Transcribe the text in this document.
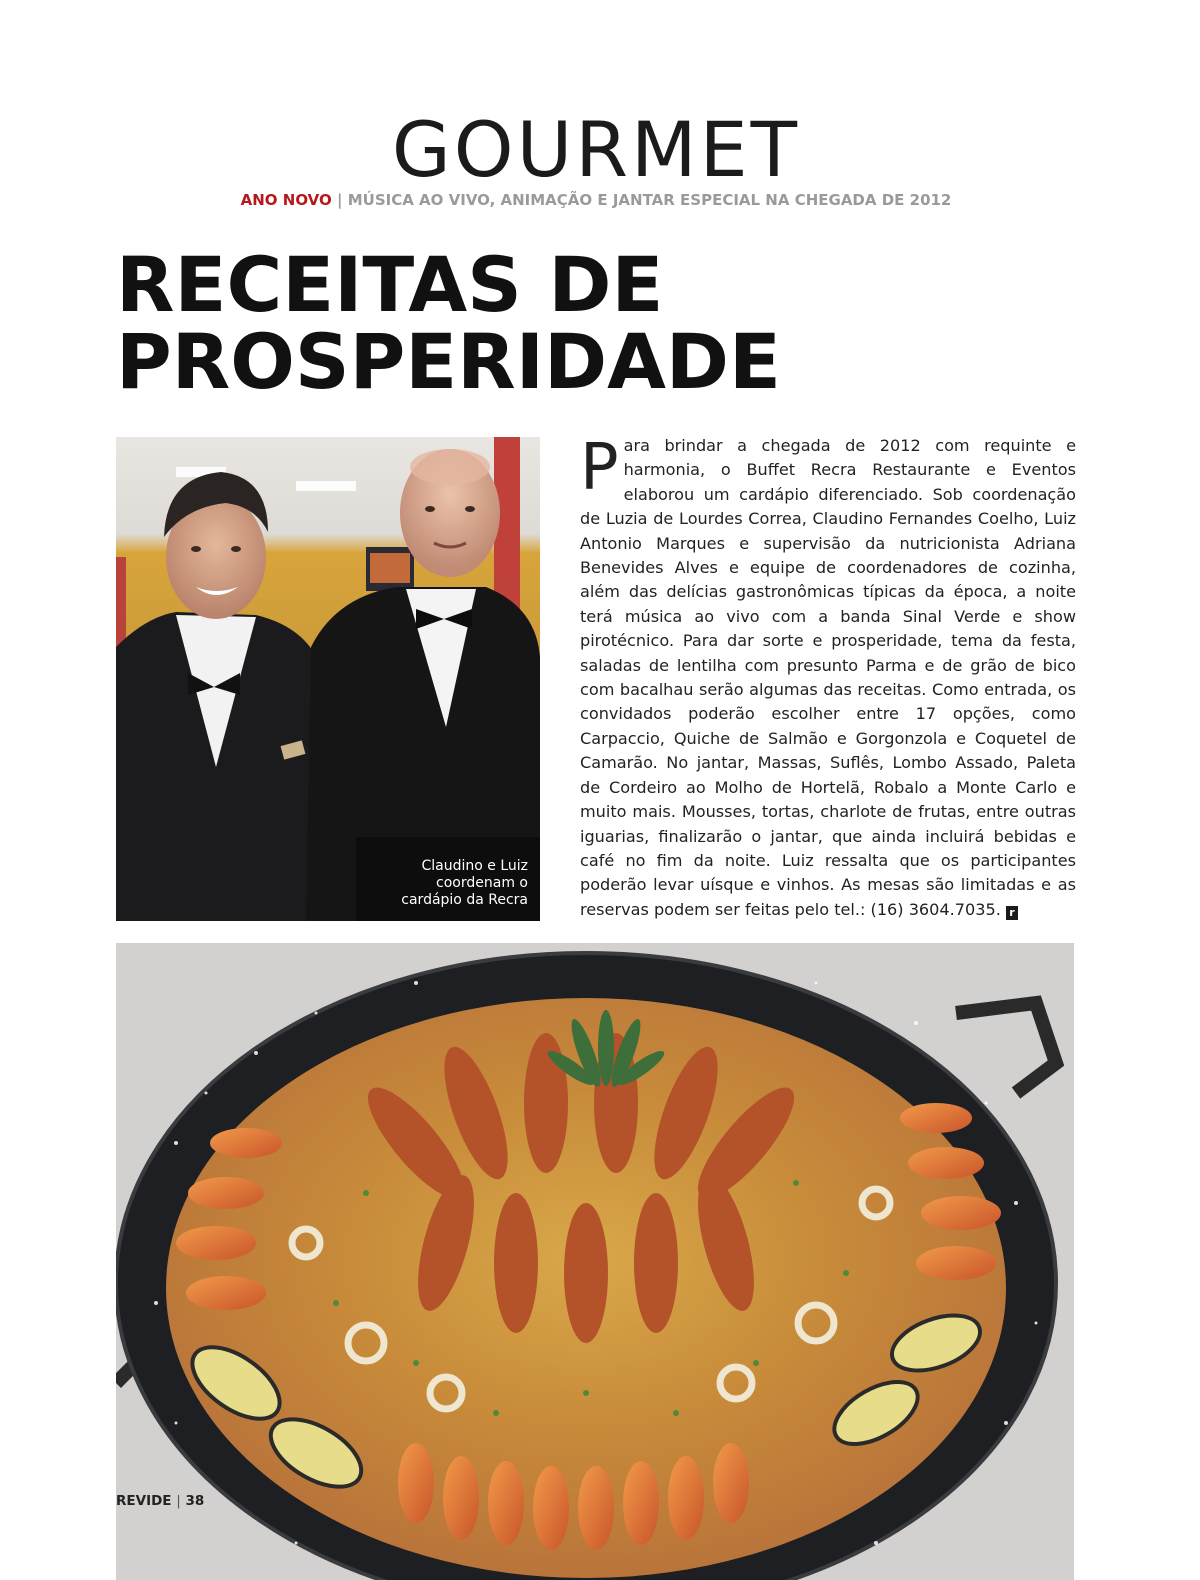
GOURMET
ANO NOVO | MÚSICA AO VIVO, ANIMAÇÃO E JANTAR ESPECIAL NA CHEGADA DE 2012
RECEITAS DE
PROSPERIDADE
Claudino e Luiz
coordenam o
cardápio da Recra

Para brindar a chegada de 2012 com requinte e harmonia, o Buffet Recra Restaurante e Eventos elaborou um cardápio diferenciado. Sob coordenação de Luzia de Lourdes Correa, Claudino Fernandes Coelho, Luiz Antonio Marques e supervisão da nutricionista Adriana Benevides Alves e equipe de coordenadores de cozinha, além das delícias gastronômicas típicas da época, a noite terá música ao vivo com a banda Sinal Verde e show pirotécnico. Para dar sorte e prosperidade, tema da festa, saladas de lentilha com presunto Parma e de grão de bico com bacalhau serão algumas das receitas. Como entrada, os convidados poderão escolher entre 17 opções, como Carpaccio, Quiche de Salmão e Gorgonzola e Coquetel de Camarão. No jantar, Massas, Suflês, Lombo Assado, Paleta de Cordeiro ao Molho de Hortelã, Robalo a Monte Carlo e muito mais. Mousses, tortas, charlote de frutas, entre outras iguarias, finalizarão o jantar, que ainda incluirá bebidas e café no fim da noite. Luiz ressalta que os participantes poderão levar uísque e vinhos. As mesas são limitadas e as reservas podem ser feitas pelo tel.: (16) 3604.7035. r

REVIDE | 38
